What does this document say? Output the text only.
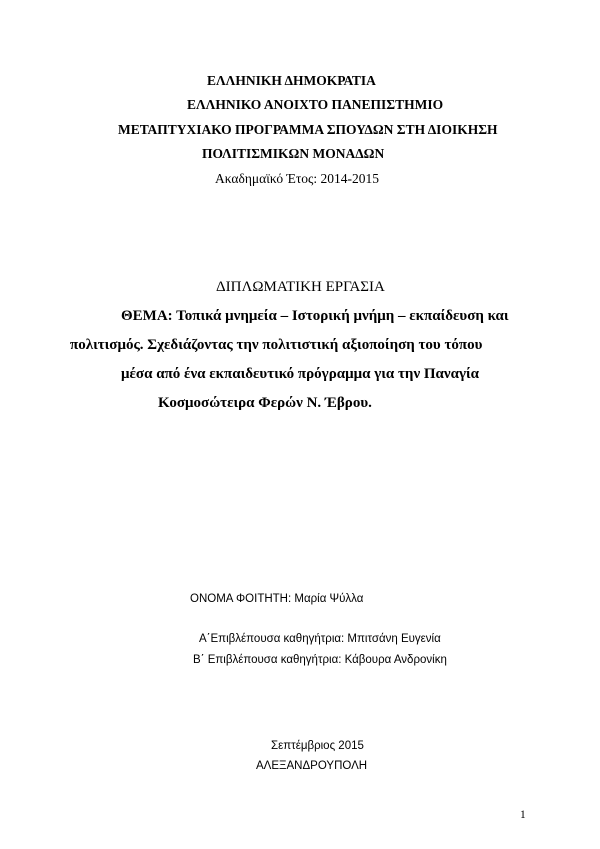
ΕΛΛΗΝΙΚΗ ΔΗΜΟΚΡΑΤΙΑ
ΕΛΛΗΝΙΚΟ ΑΝΟΙΧΤΟ ΠΑΝΕΠΙΣΤΗΜΙΟ
ΜΕΤΑΠΤΥΧΙΑΚΟ ΠΡΟΓΡΑΜΜΑ ΣΠΟΥΔΩΝ ΣΤΗ ΔΙΟΙΚΗΣΗ
ΠΟΛΙΤΙΣΜΙΚΩΝ ΜΟΝΑΔΩΝ
Ακαδημαϊκό Έτος: 2014-2015
ΔΙΠΛΩΜΑΤΙΚΗ ΕΡΓΑΣΙΑ
ΘΕΜΑ: Τοπικά μνημεία – Ιστορική μνήμη – εκπαίδευση και
πολιτισμός. Σχεδιάζοντας την πολιτιστική αξιοποίηση του τόπου
μέσα από ένα εκπαιδευτικό πρόγραμμα για την Παναγία
Κοσμοσώτειρα Φερών Ν. Έβρου.
ΟΝΟΜΑ ΦΟΙΤΗΤΗ: Μαρία Ψύλλα
Α΄Επιβλέπουσα καθηγήτρια: Μπιτσάνη Ευγενία
Β΄ Επιβλέπουσα καθηγήτρια: Κάβουρα Ανδρονίκη
Σεπτέμβριος 2015
ΑΛΕΞΑΝΔΡΟΥΠΟΛΗ
1
